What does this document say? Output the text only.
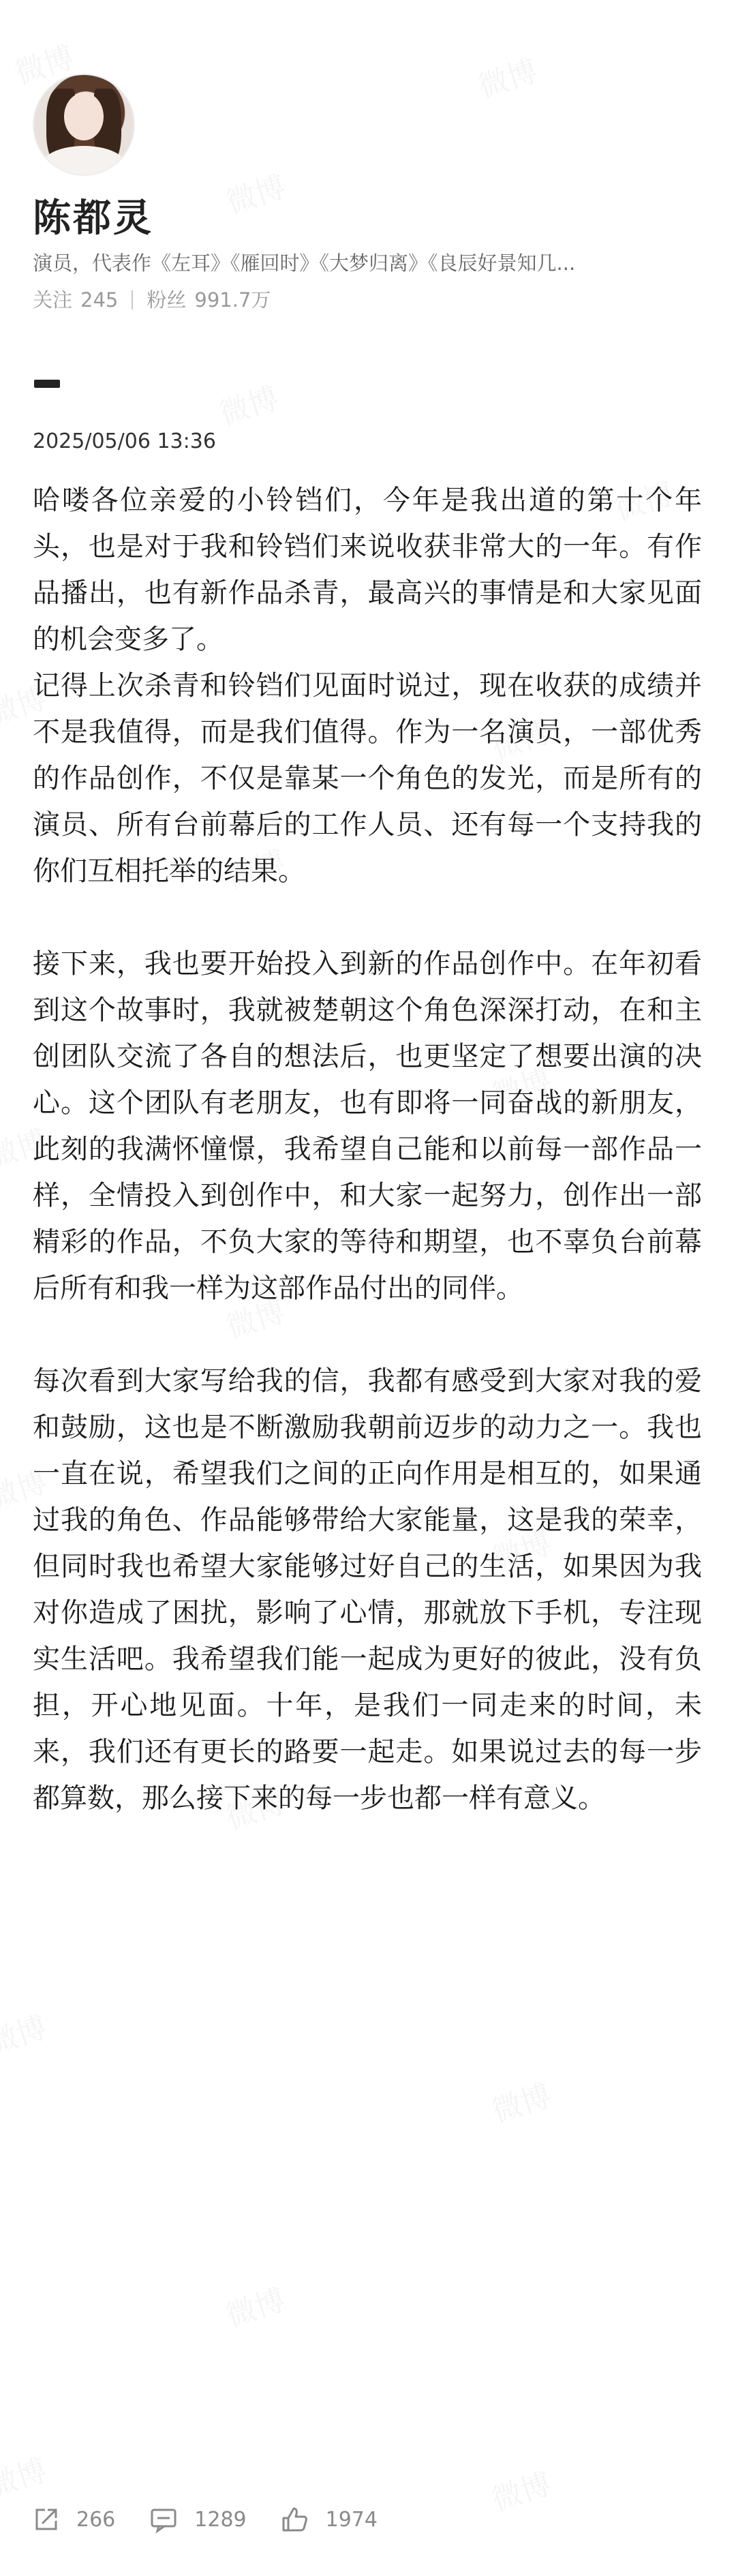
陈都灵
演员，代表作《左耳》《雁回时》《大梦归离》《良辰好景知几...
关注 245 粉丝 991.7万
2025/05/06 13:36

哈喽各位亲爱的小铃铛们，今年是我出道的第十个年头，也是对于我和铃铛们来说收获非常大的一年。有作品播出，也有新作品杀青，最高兴的事情是和大家见面的机会变多了。

记得上次杀青和铃铛们见面时说过，现在收获的成绩并不是我值得，而是我们值得。作为一名演员，一部优秀的作品创作，不仅是靠某一个角色的发光，而是所有的演员、所有台前幕后的工作人员、还有每一个支持我的你们互相托举的结果。

接下来，我也要开始投入到新的作品创作中。在年初看到这个故事时，我就被楚朝这个角色深深打动，在和主创团队交流了各自的想法后，也更坚定了想要出演的决心。这个团队有老朋友，也有即将一同奋战的新朋友，此刻的我满怀憧憬，我希望自己能和以前每一部作品一样，全情投入到创作中，和大家一起努力，创作出一部精彩的作品，不负大家的等待和期望，也不辜负台前幕后所有和我一样为这部作品付出的同伴。

每次看到大家写给我的信，我都有感受到大家对我的爱和鼓励，这也是不断激励我朝前迈步的动力之一。我也一直在说，希望我们之间的正向作用是相互的，如果通过我的角色、作品能够带给大家能量，这是我的荣幸，但同时我也希望大家能够过好自己的生活，如果因为我对你造成了困扰，影响了心情，那就放下手机，专注现实生活吧。我希望我们能一起成为更好的彼此，没有负担，开心地见面。十年，是我们一同走来的时间，未来，我们还有更长的路要一起走。如果说过去的每一步都算数，那么接下来的每一步也都一样有意义。

266	1289	1974
